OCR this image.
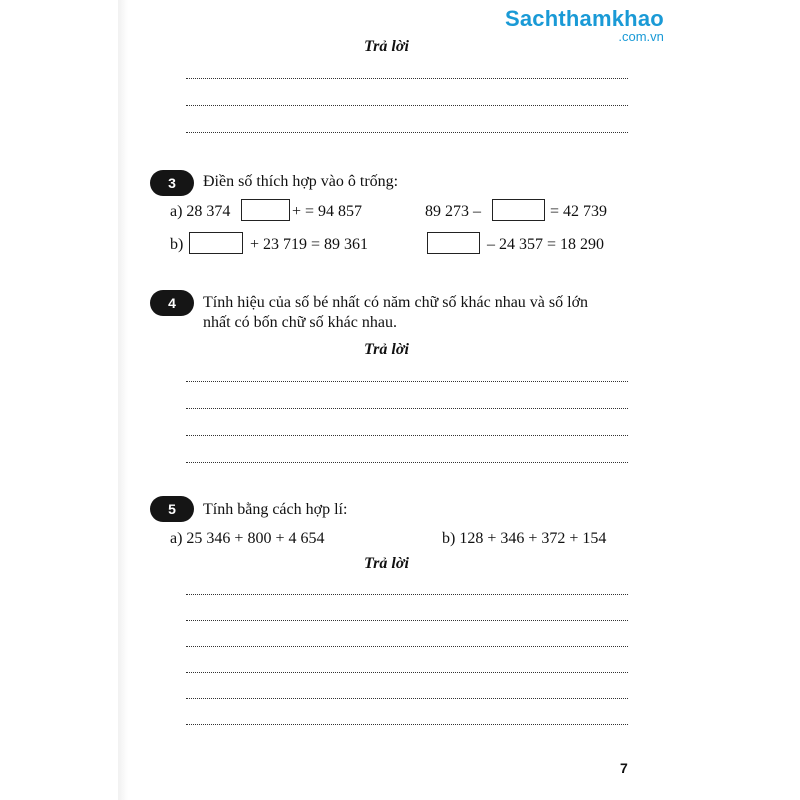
Sachthamkhao
.com.vn
Trả lời
3	Điền số thích hợp vào ô trống:
a) 28 374	+ = 94 857	89 273 –	= 42 739
b)	+ 23 719 = 89 361	– 24 357 = 18 290
4	Tính hiệu của số bé nhất có năm chữ số khác nhau và số lớn
nhất có bốn chữ số khác nhau.
Trả lời
5	Tính bằng cách hợp lí:
a) 25 346 + 800 + 4 654	b) 128 + 346 + 372 + 154
Trả lời
7
